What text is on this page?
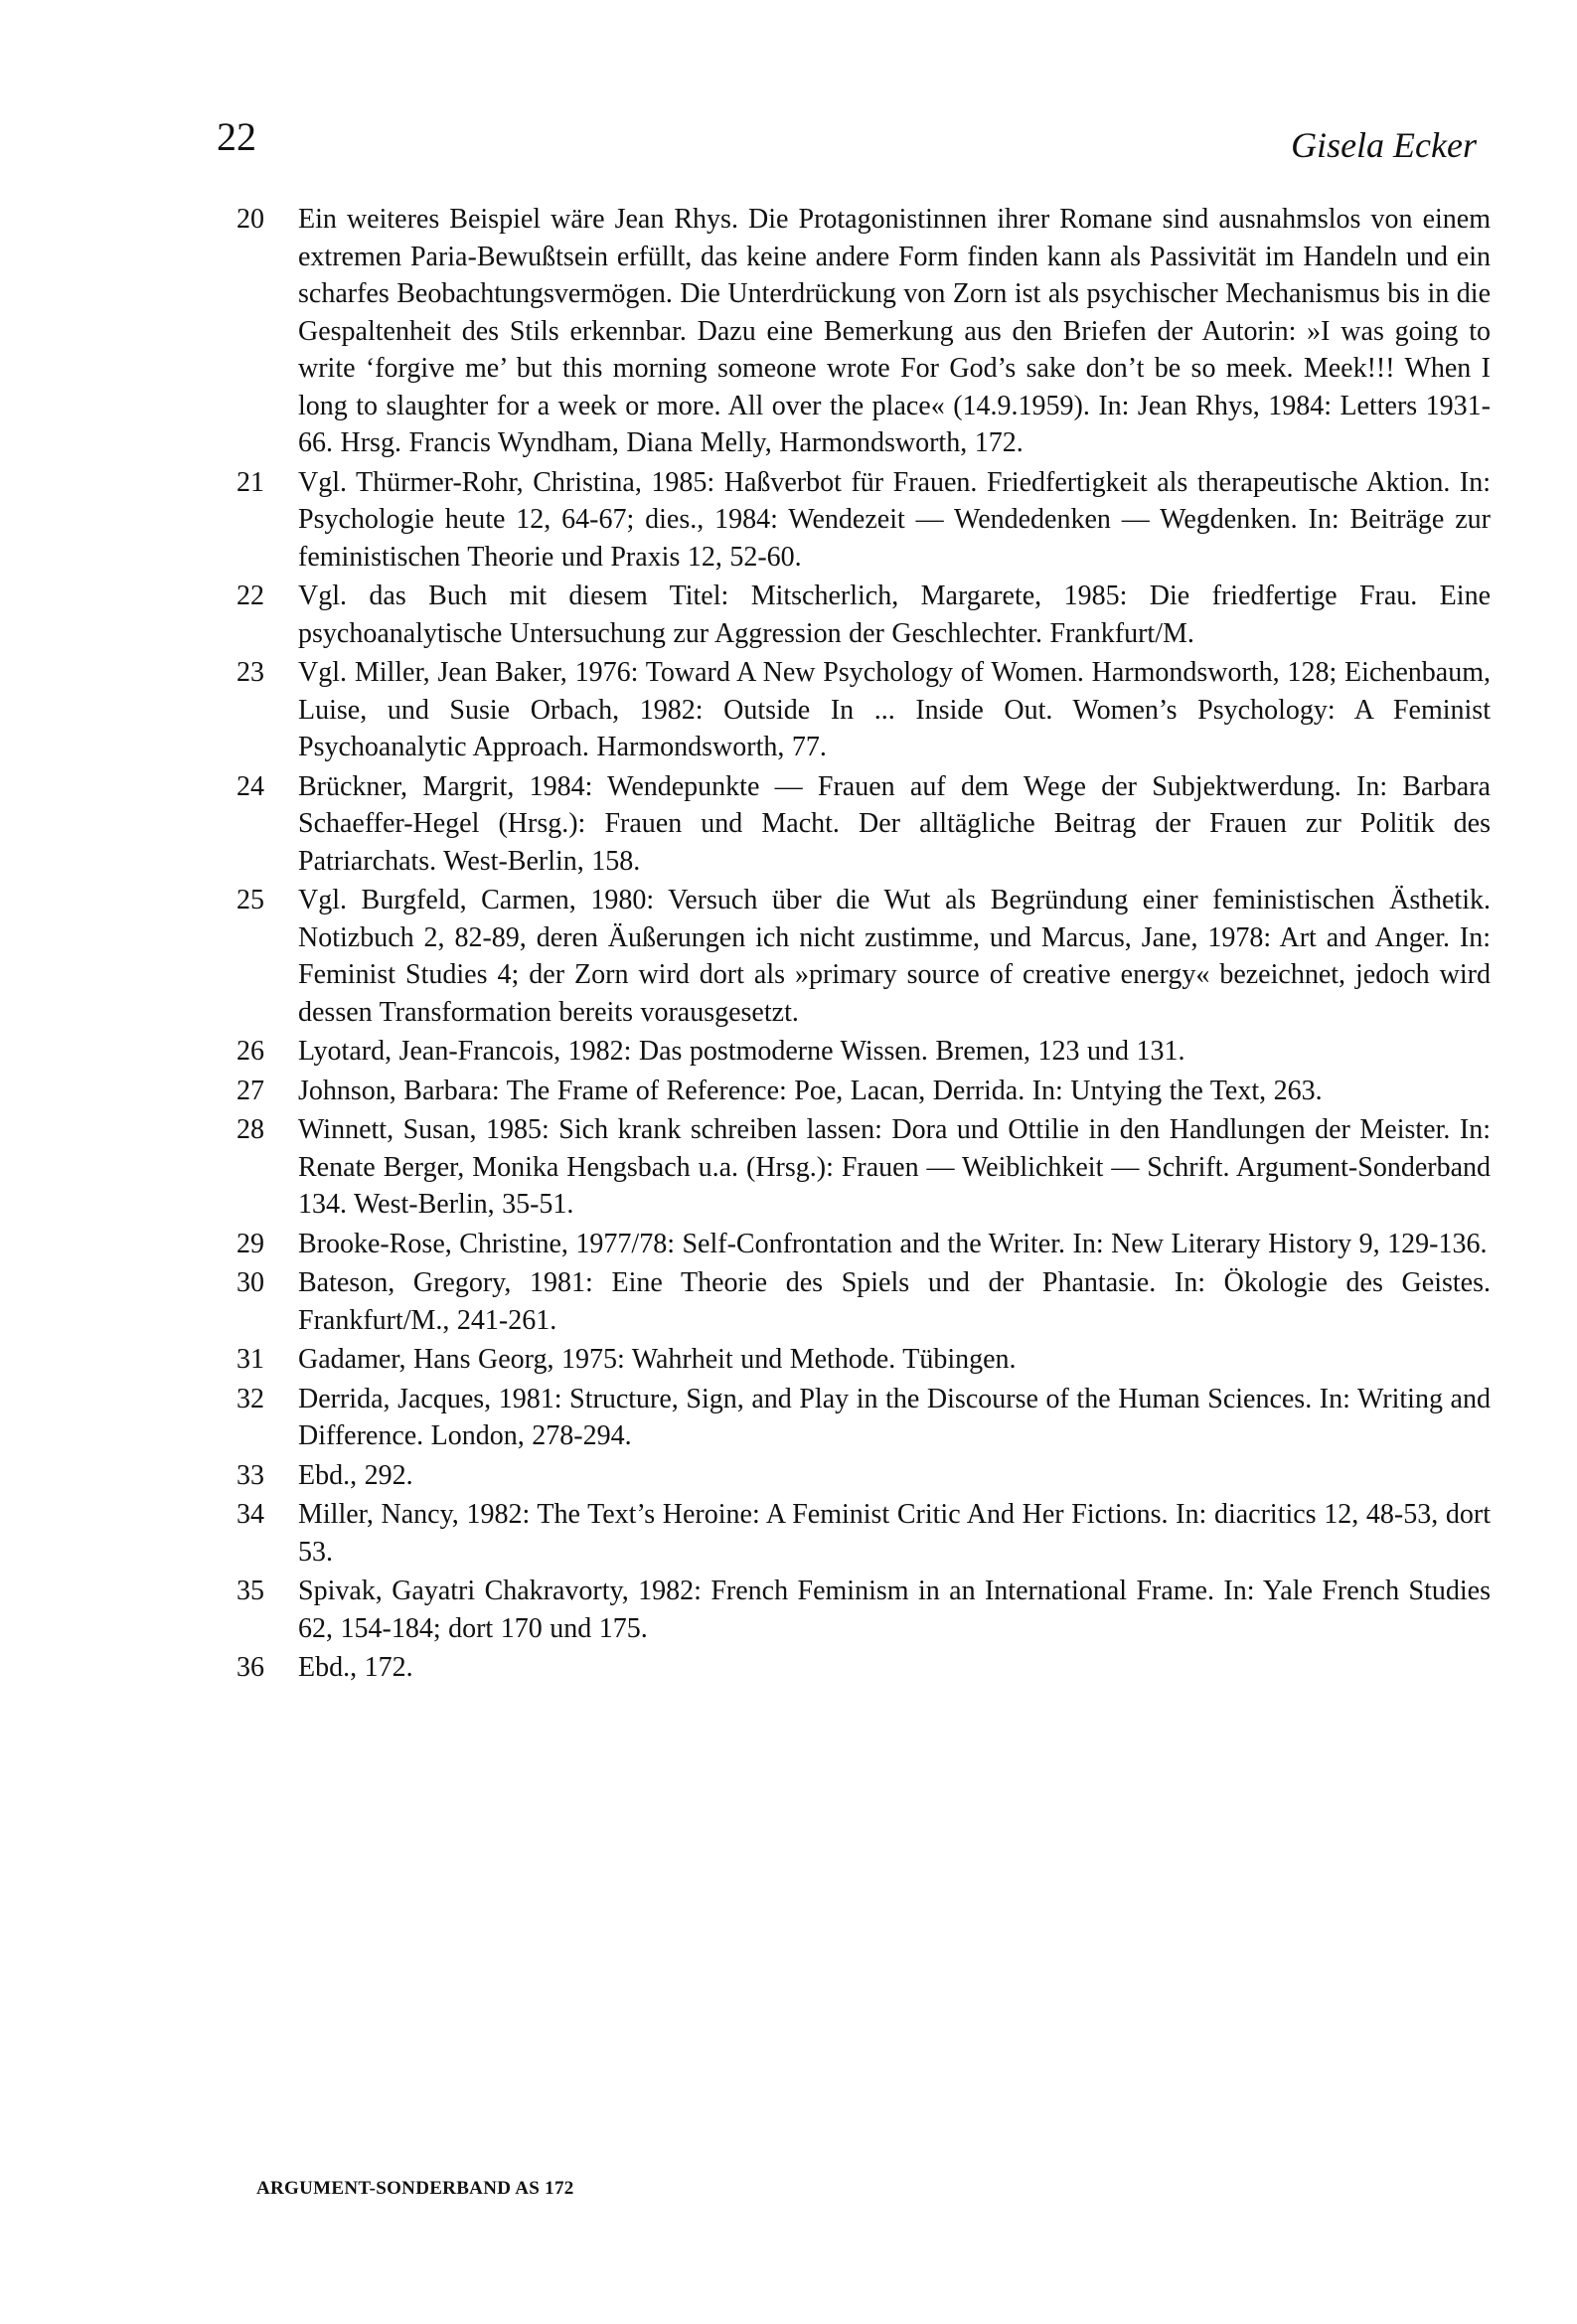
22	Gisela Ecker
20	Ein weiteres Beispiel wäre Jean Rhys. Die Protagonistinnen ihrer Romane sind ausnahmslos von einem extremen Paria-Bewußtsein erfüllt, das keine andere Form finden kann als Passivität im Handeln und ein scharfes Beobachtungsvermögen. Die Unterdrückung von Zorn ist als psychischer Mechanismus bis in die Gespaltenheit des Stils erkennbar. Dazu eine Bemerkung aus den Briefen der Autorin: »I was going to write ‘forgive me’ but this morning someone wrote For God’s sake don’t be so meek. Meek!!! When I long to slaughter for a week or more. All over the place« (14.9.1959). In: Jean Rhys, 1984: Letters 1931-66. Hrsg. Francis Wyndham, Diana Melly, Harmondsworth, 172.
21	Vgl. Thürmer-Rohr, Christina, 1985: Haßverbot für Frauen. Friedfertigkeit als therapeutische Aktion. In: Psychologie heute 12, 64-67; dies., 1984: Wendezeit — Wendedenken — Wegdenken. In: Beiträge zur feministischen Theorie und Praxis 12, 52-60.
22	Vgl. das Buch mit diesem Titel: Mitscherlich, Margarete, 1985: Die friedfertige Frau. Eine psychoanalytische Untersuchung zur Aggression der Geschlechter. Frankfurt/M.
23	Vgl. Miller, Jean Baker, 1976: Toward A New Psychology of Women. Harmondsworth, 128; Eichenbaum, Luise, und Susie Orbach, 1982: Outside In ... Inside Out. Women’s Psychology: A Feminist Psychoanalytic Approach. Harmondsworth, 77.
24	Brückner, Margrit, 1984: Wendepunkte — Frauen auf dem Wege der Subjektwerdung. In: Barbara Schaeffer-Hegel (Hrsg.): Frauen und Macht. Der alltägliche Beitrag der Frauen zur Politik des Patriarchats. West-Berlin, 158.
25	Vgl. Burgfeld, Carmen, 1980: Versuch über die Wut als Begründung einer feministischen Ästhetik. Notizbuch 2, 82-89, deren Äußerungen ich nicht zustimme, und Marcus, Jane, 1978: Art and Anger. In: Feminist Studies 4; der Zorn wird dort als »primary source of creative energy« bezeichnet, jedoch wird dessen Transformation bereits vorausgesetzt.
26	Lyotard, Jean-Francois, 1982: Das postmoderne Wissen. Bremen, 123 und 131.
27	Johnson, Barbara: The Frame of Reference: Poe, Lacan, Derrida. In: Untying the Text, 263.
28	Winnett, Susan, 1985: Sich krank schreiben lassen: Dora und Ottilie in den Handlungen der Meister. In: Renate Berger, Monika Hengsbach u.a. (Hrsg.): Frauen — Weiblichkeit — Schrift. Argument-Sonderband 134. West-Berlin, 35-51.
29	Brooke-Rose, Christine, 1977/78: Self-Confrontation and the Writer. In: New Literary History 9, 129-136.
30	Bateson, Gregory, 1981: Eine Theorie des Spiels und der Phantasie. In: Ökologie des Geistes. Frankfurt/M., 241-261.
31	Gadamer, Hans Georg, 1975: Wahrheit und Methode. Tübingen.
32	Derrida, Jacques, 1981: Structure, Sign, and Play in the Discourse of the Human Sciences. In: Writing and Difference. London, 278-294.
33	Ebd., 292.
34	Miller, Nancy, 1982: The Text’s Heroine: A Feminist Critic And Her Fictions. In: diacritics 12, 48-53, dort 53.
35	Spivak, Gayatri Chakravorty, 1982: French Feminism in an International Frame. In: Yale French Studies 62, 154-184; dort 170 und 175.
36	Ebd., 172.
ARGUMENT-SONDERBAND AS 172
